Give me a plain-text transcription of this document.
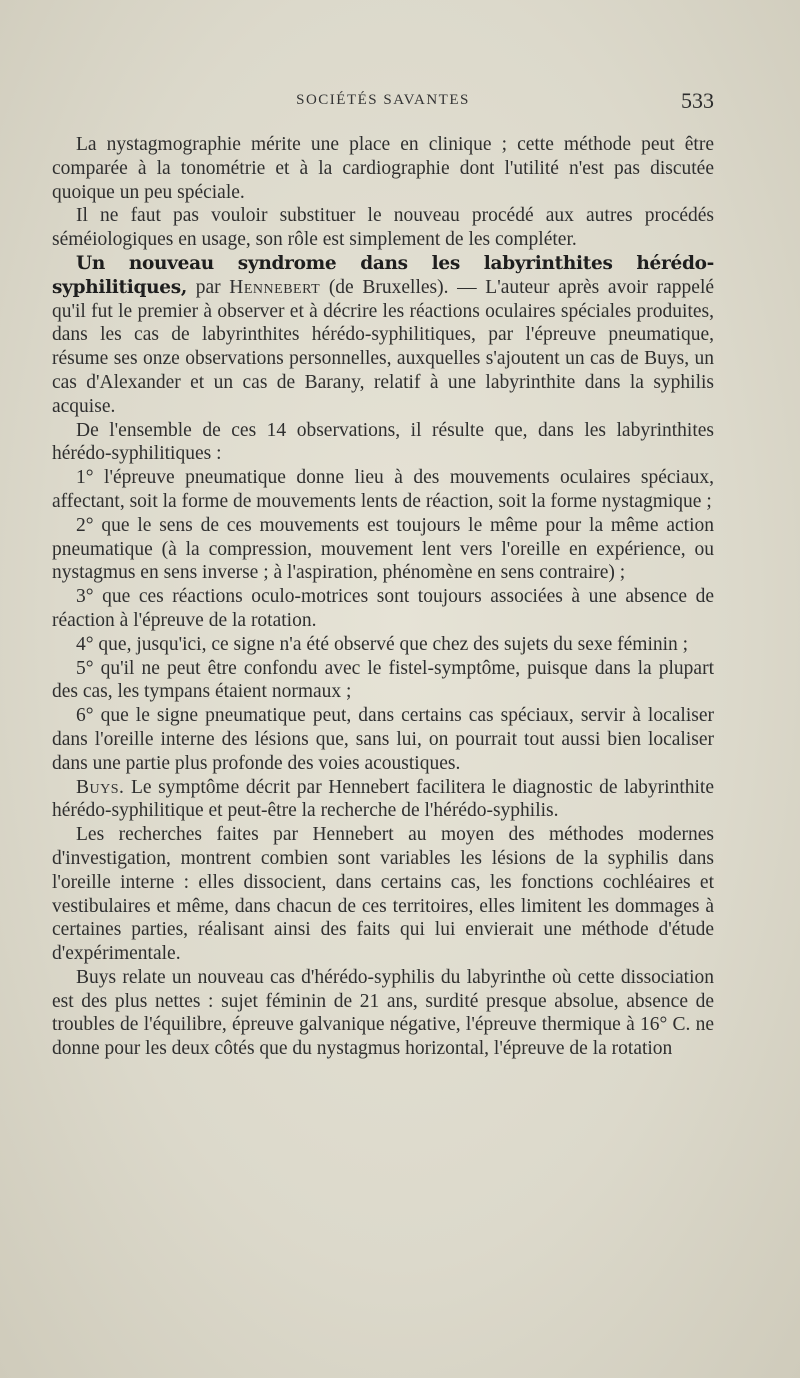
SOCIÉTÉS SAVANTES	533

La nystagmographie mérite une place en clinique ; cette méthode peut être comparée à la tonométrie et à la cardiographie dont l'utilité n'est pas discutée quoique un peu spéciale.

Il ne faut pas vouloir substituer le nouveau procédé aux autres procédés séméiologiques en usage, son rôle est simplement de les compléter.

Un nouveau syndrome dans les labyrinthites hérédo-syphilitiques, par Hennebert (de Bruxelles). — L'auteur après avoir rappelé qu'il fut le premier à observer et à décrire les réactions oculaires spéciales produites, dans les cas de labyrinthites hérédo-syphilitiques, par l'épreuve pneumatique, résume ses onze observations personnelles, auxquelles s'ajoutent un cas de Buys, un cas d'Alexander et un cas de Barany, relatif à une labyrinthite dans la syphilis acquise.

De l'ensemble de ces 14 observations, il résulte que, dans les labyrinthites hérédo-syphilitiques :

1° l'épreuve pneumatique donne lieu à des mouvements oculaires spéciaux, affectant, soit la forme de mouvements lents de réaction, soit la forme nystagmique ;

2° que le sens de ces mouvements est toujours le même pour la même action pneumatique (à la compression, mouvement lent vers l'oreille en expérience, ou nystagmus en sens inverse ; à l'aspiration, phénomène en sens contraire) ;

3° que ces réactions oculo-motrices sont toujours associées à une absence de réaction à l'épreuve de la rotation.

4° que, jusqu'ici, ce signe n'a été observé que chez des sujets du sexe féminin ;

5° qu'il ne peut être confondu avec le fistel-symptôme, puisque dans la plupart des cas, les tympans étaient normaux ;

6° que le signe pneumatique peut, dans certains cas spéciaux, servir à localiser dans l'oreille interne des lésions que, sans lui, on pourrait tout aussi bien localiser dans une partie plus profonde des voies acoustiques.

Buys. Le symptôme décrit par Hennebert facilitera le diagnostic de labyrinthite hérédo-syphilitique et peut-être la recherche de l'hérédo-syphilis.

Les recherches faites par Hennebert au moyen des méthodes modernes d'investigation, montrent combien sont variables les lésions de la syphilis dans l'oreille interne : elles dissocient, dans certains cas, les fonctions cochléaires et vestibulaires et même, dans chacun de ces territoires, elles limitent les dommages à certaines parties, réalisant ainsi des faits qui lui envierait une méthode d'étude d'expérimentale.

Buys relate un nouveau cas d'hérédo-syphilis du labyrinthe où cette dissociation est des plus nettes : sujet féminin de 21 ans, surdité presque absolue, absence de troubles de l'équilibre, épreuve galvanique négative, l'épreuve thermique à 16° C. ne donne pour les deux côtés que du nystagmus horizontal, l'épreuve de la rotation
